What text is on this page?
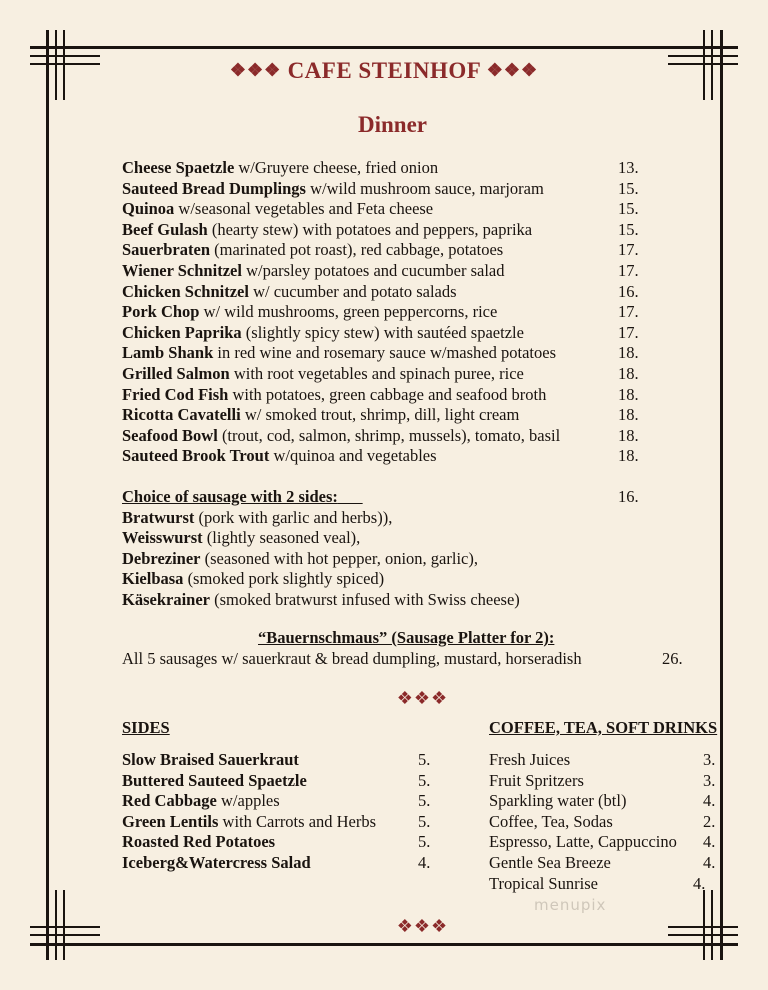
❖❖❖ CAFE STEINHOF ❖❖❖
Dinner
Cheese Spaetzle w/Gruyere cheese, fried onion	13.
Sauteed Bread Dumplings w/wild mushroom sauce, marjoram	15.
Quinoa w/seasonal vegetables and Feta cheese	15.
Beef Gulash (hearty stew) with potatoes and peppers, paprika	15.
Sauerbraten (marinated pot roast), red cabbage, potatoes	17.
Wiener Schnitzel w/parsley potatoes and cucumber salad	17.
Chicken Schnitzel w/ cucumber and potato salads	16.
Pork Chop w/ wild mushrooms, green peppercorns, rice	17.
Chicken Paprika (slightly spicy stew) with sautéed spaetzle	17.
Lamb Shank in red wine and rosemary sauce w/mashed potatoes	18.
Grilled Salmon with root vegetables and spinach puree, rice	18.
Fried Cod Fish with potatoes, green cabbage and seafood broth	18.
Ricotta Cavatelli w/ smoked trout, shrimp, dill, light cream	18.
Seafood Bowl (trout, cod, salmon, shrimp, mussels), tomato, basil	18.
Sauteed Brook Trout w/quinoa and vegetables	18.
Choice of sausage with 2 sides:	16.
Bratwurst (pork with garlic and herbs)),
Weisswurst (lightly seasoned veal),
Debreziner (seasoned with hot pepper, onion, garlic),
Kielbasa (smoked pork slightly spiced)
Käsekrainer (smoked bratwurst infused with Swiss cheese)
“Bauernschmaus” (Sausage Platter for 2):
All 5 sausages w/ sauerkraut & bread dumpling, mustard, horseradish	26.
❖❖❖
SIDES
Slow Braised Sauerkraut	5.
Buttered Sauteed Spaetzle	5.
Red Cabbage w/apples	5.
Green Lentils with Carrots and Herbs	5.
Roasted Red Potatoes	5.
Iceberg&Watercress Salad	4.
COFFEE, TEA, SOFT DRINKS
Fresh Juices	3.
Fruit Spritzers	3.
Sparkling water (btl)	4.
Coffee, Tea, Sodas	2.
Espresso, Latte, Cappuccino 4.
Gentle Sea Breeze	4.
Tropical Sunrise	4.
menupix
❖❖❖
